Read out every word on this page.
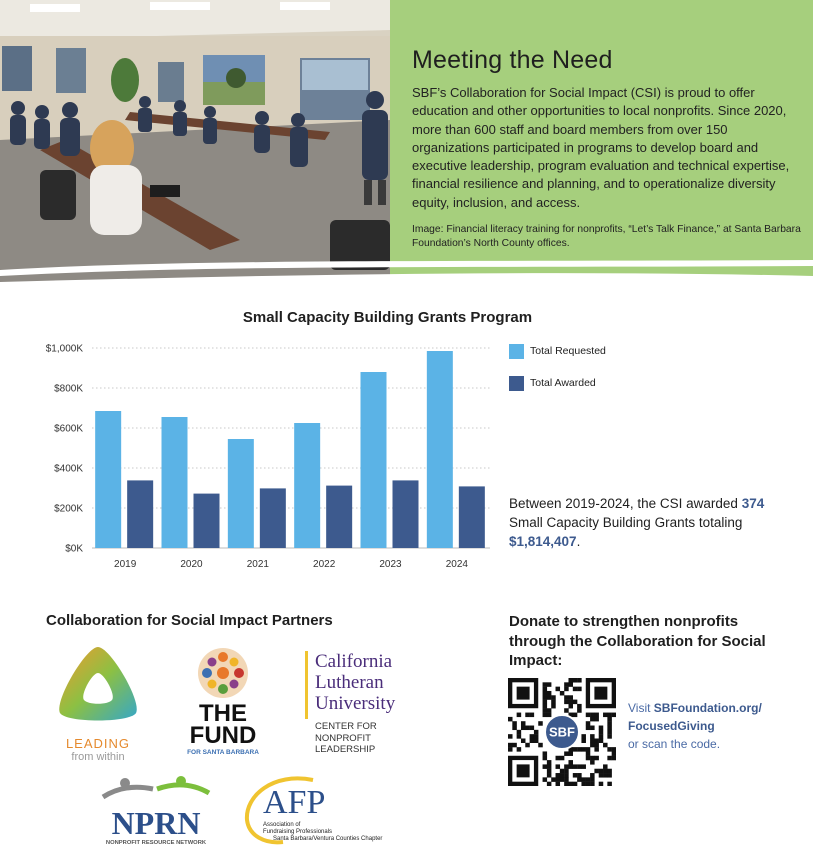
Meeting the Need

SBF’s Collaboration for Social Impact (CSI) is proud to offer education and other opportunities to local nonprofits. Since 2020, more than 600 staff and board members from over 150 organizations participated in programs to develop board and executive leadership, program evaluation and technical expertise, financial resilience and planning, and to operationalize diversity equity, inclusion, and access.

Image: Financial literacy training for nonprofits, “Let’s Talk Finance,” at Santa Barbara Foundation’s North County offices.

Small Capacity Building Grants Program
$0K
$200K
$400K
$600K
$800K
$1,000K
2019	2020	2021	2022	2023	2024
Total Requested
Total Awarded
Between 2019-2024, the CSI awarded 374 Small Capacity Building Grants totaling $1,814,407.
Collaboration for Social Impact Partners
LEADING
from within
THE
FUND
FOR SANTA BARBARA
California
Lutheran
University
CENTER FOR
NONPROFIT
LEADERSHIP
NPRN
NONPROFIT RESOURCE NETWORK
AFP
Association of
Fundraising Professionals
Santa Barbara/Ventura Counties Chapter
Donate to strengthen nonprofits through the Collaboration for Social Impact:
SBF
Visit SBFoundation.org/
FocusedGiving
or scan the code.
